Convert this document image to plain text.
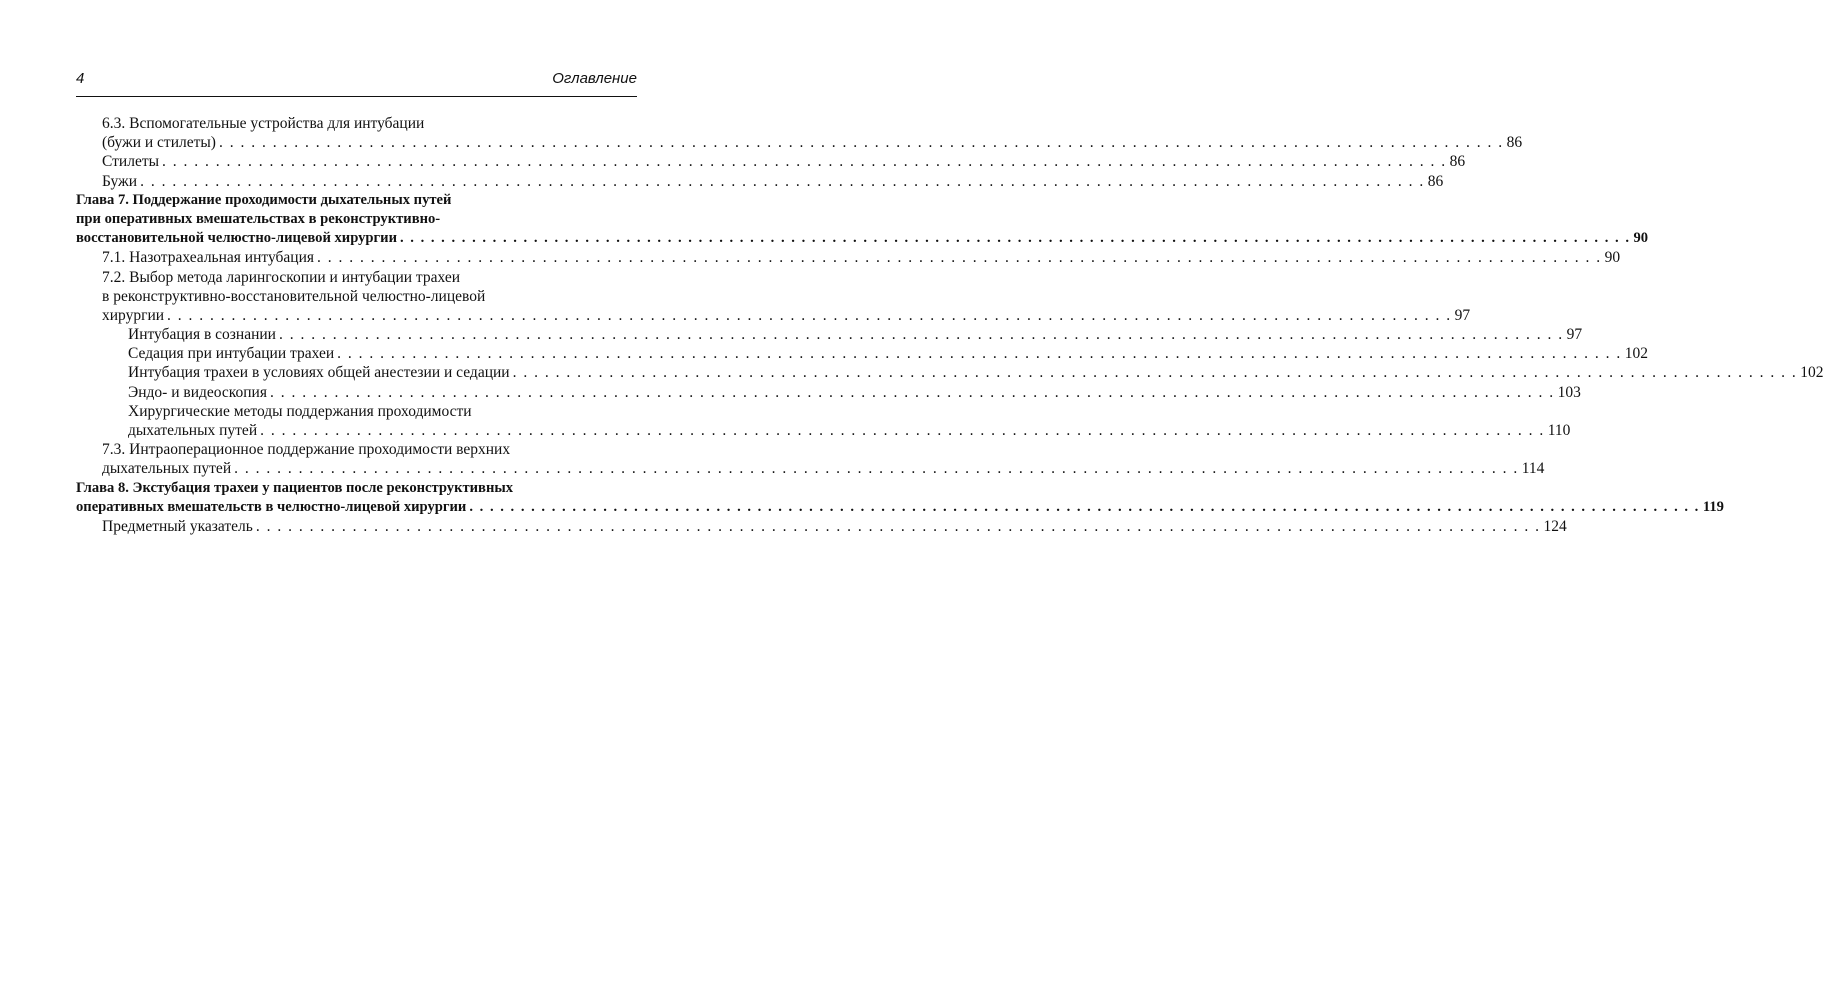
4	Оглавление
6.3. Вспомогательные устройства для интубации
(бужи и стилеты) . . . . . . . . . . . . . . . . . . . . . . . . . . . . . . . . . . . . . . . . . . . . . . . . . . . . . . . . . . . . . . . . . . . . . . . . . . . . . . . . . . . . . . . . . . . . . . . . . . . . . . . . . . . . . . . . . . . . . . . . 86
Стилеты . . . . . . . . . . . . . . . . . . . . . . . . . . . . . . . . . . . . . . . . . . . . . . . . . . . . . . . . . . . . . . . . . . . . . . . . . . . . . . . . . . . . . . . . . . . . . . . . . . . . . . . . . . . . . . . . . . . . . . . . 86
Бужи . . . . . . . . . . . . . . . . . . . . . . . . . . . . . . . . . . . . . . . . . . . . . . . . . . . . . . . . . . . . . . . . . . . . . . . . . . . . . . . . . . . . . . . . . . . . . . . . . . . . . . . . . . . . . . . . . . . . . . . . 86
Глава 7. Поддержание проходимости дыхательных путей
при оперативных вмешательствах в реконструктивно-
восстановительной челюстно-лицевой хирургии . . . . . . . . . . . . . . . . . . . . . . . . . . . . . . . . . . . . . . . . . . . . . . . . . . . . . . . . . . . . . . . . . . . . . . . . . . . . . . . . . . . . . . . . . . . . . . . . . . . . . . . . . . . . . . . . . . . . . . . . 90
7.1. Назотрахеальная интубация . . . . . . . . . . . . . . . . . . . . . . . . . . . . . . . . . . . . . . . . . . . . . . . . . . . . . . . . . . . . . . . . . . . . . . . . . . . . . . . . . . . . . . . . . . . . . . . . . . . . . . . . . . . . . . . . . . . . . . . . 90
7.2. Выбор метода ларингоскопии и интубации трахеи
в реконструктивно-восстановительной челюстно-лицевой
хирургии . . . . . . . . . . . . . . . . . . . . . . . . . . . . . . . . . . . . . . . . . . . . . . . . . . . . . . . . . . . . . . . . . . . . . . . . . . . . . . . . . . . . . . . . . . . . . . . . . . . . . . . . . . . . . . . . . . . . . . . . 97
Интубация в сознании . . . . . . . . . . . . . . . . . . . . . . . . . . . . . . . . . . . . . . . . . . . . . . . . . . . . . . . . . . . . . . . . . . . . . . . . . . . . . . . . . . . . . . . . . . . . . . . . . . . . . . . . . . . . . . . . . . . . . . . . 97
Седация при интубации трахеи . . . . . . . . . . . . . . . . . . . . . . . . . . . . . . . . . . . . . . . . . . . . . . . . . . . . . . . . . . . . . . . . . . . . . . . . . . . . . . . . . . . . . . . . . . . . . . . . . . . . . . . . . . . . . . . . . . . . . . . . 102
Интубация трахеи в условиях общей анестезии и седации . . . . . . . . . . . . . . . . . . . . . . . . . . . . . . . . . . . . . . . . . . . . . . . . . . . . . . . . . . . . . . . . . . . . . . . . . . . . . . . . . . . . . . . . . . . . . . . . . . . . . . . . . . . . . . . . . . . . . . . . 102
Эндо- и видеоскопия . . . . . . . . . . . . . . . . . . . . . . . . . . . . . . . . . . . . . . . . . . . . . . . . . . . . . . . . . . . . . . . . . . . . . . . . . . . . . . . . . . . . . . . . . . . . . . . . . . . . . . . . . . . . . . . . . . . . . . . . 103
Хирургические методы поддержания проходимости
дыхательных путей . . . . . . . . . . . . . . . . . . . . . . . . . . . . . . . . . . . . . . . . . . . . . . . . . . . . . . . . . . . . . . . . . . . . . . . . . . . . . . . . . . . . . . . . . . . . . . . . . . . . . . . . . . . . . . . . . . . . . . . . 110
7.3. Интраоперационное поддержание проходимости верхних
дыхательных путей . . . . . . . . . . . . . . . . . . . . . . . . . . . . . . . . . . . . . . . . . . . . . . . . . . . . . . . . . . . . . . . . . . . . . . . . . . . . . . . . . . . . . . . . . . . . . . . . . . . . . . . . . . . . . . . . . . . . . . . . 114
Глава 8. Экстубация трахеи у пациентов после реконструктивных
оперативных вмешательств в челюстно-лицевой хирургии . . . . . . . . . . . . . . . . . . . . . . . . . . . . . . . . . . . . . . . . . . . . . . . . . . . . . . . . . . . . . . . . . . . . . . . . . . . . . . . . . . . . . . . . . . . . . . . . . . . . . . . . . . . . . . . . . . . . . . . . 119
Предметный указатель . . . . . . . . . . . . . . . . . . . . . . . . . . . . . . . . . . . . . . . . . . . . . . . . . . . . . . . . . . . . . . . . . . . . . . . . . . . . . . . . . . . . . . . . . . . . . . . . . . . . . . . . . . . . . . . . . . . . . . . . 124
